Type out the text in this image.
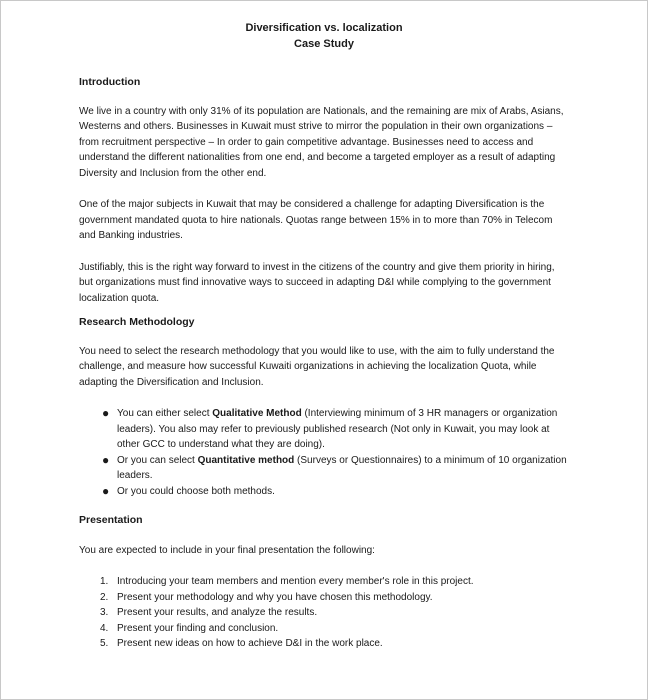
Diversification vs. localization
Case Study
Introduction

We live in a country with only 31% of its population are Nationals, and the remaining are mix of Arabs, Asians, Westerns and others. Businesses in Kuwait must strive to mirror the population in their own organizations – from recruitment perspective – In order to gain competitive advantage. Businesses need to access and understand the different nationalities from one end, and become a targeted employer as a result of adapting Diversity and Inclusion from the other end.

One of the major subjects in Kuwait that may be considered a challenge for adapting Diversification is the government mandated quota to hire nationals. Quotas range between 15% in to more than 70% in Telecom and Banking industries.

Justifiably, this is the right way forward to invest in the citizens of the country and give them priority in hiring, but organizations must find innovative ways to succeed in adapting D&I while complying to the government localization quota.

Research Methodology

You need to select the research methodology that you would like to use, with the aim to fully understand the challenge, and measure how successful Kuwaiti organizations in achieving the localization Quota, while adapting the Diversification and Inclusion.

● You can either select Qualitative Method (Interviewing minimum of 3 HR managers or organization leaders). You also may refer to previously published research (Not only in Kuwait, you may look at other GCC to understand what they are doing).
● Or you can select Quantitative method (Surveys or Questionnaires) to a minimum of 10 organization leaders.
● Or you could choose both methods.
Presentation

You are expected to include in your final presentation the following:

1. Introducing your team members and mention every member's role in this project.
2. Present your methodology and why you have chosen this methodology.
3. Present your results, and analyze the results.
4. Present your finding and conclusion.
5. Present new ideas on how to achieve D&I in the work place.
